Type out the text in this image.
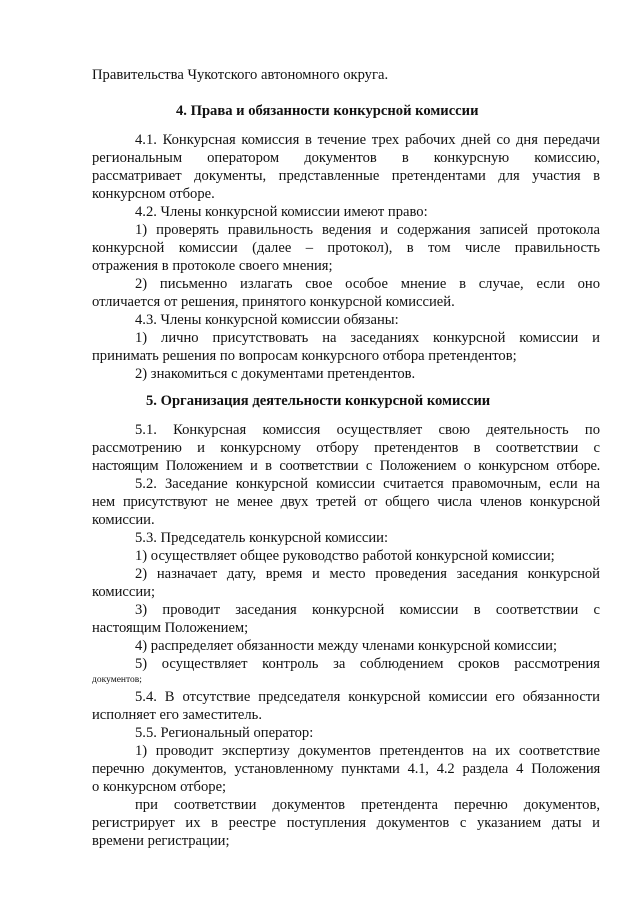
Правительства Чукотского автономного округа.
4. Права и обязанности конкурсной комиссии
4.1. Конкурсная комиссия в течение трех рабочих дней со дня передачи
региональным оператором документов в конкурсную комиссию,
рассматривает документы, представленные претендентами для участия в
конкурсном отборе.
4.2. Члены конкурсной комиссии имеют право:
1) проверять правильность ведения и содержания записей протокола
конкурсной комиссии (далее – протокол), в том числе правильность
отражения в протоколе своего мнения;
2) письменно излагать свое особое мнение в случае, если оно
отличается от решения, принятого конкурсной комиссией.
4.3. Члены конкурсной комиссии обязаны:
1) лично присутствовать на заседаниях конкурсной комиссии и
принимать решения по вопросам конкурсного отбора претендентов;
2) знакомиться с документами претендентов.
5. Организация деятельности конкурсной комиссии
5.1. Конкурсная комиссия осуществляет свою деятельность по
рассмотрению и конкурсному отбору претендентов в соответствии с
настоящим Положением и в соответствии с Положением о конкурсном отборе.
5.2. Заседание конкурсной комиссии считается правомочным, если на
нем присутствуют не менее двух третей от общего числа членов конкурсной
комиссии.
5.3. Председатель конкурсной комиссии:
1) осуществляет общее руководство работой конкурсной комиссии;
2) назначает дату, время и место проведения заседания конкурсной
комиссии;
3) проводит заседания конкурсной комиссии в соответствии с
настоящим Положением;
4) распределяет обязанности между членами конкурсной комиссии;
5) осуществляет контроль за соблюдением сроков рассмотрения
документов;
5.4. В отсутствие председателя конкурсной комиссии его обязанности
исполняет его заместитель.
5.5. Региональный оператор:
1) проводит экспертизу документов претендентов на их соответствие
перечню документов, установленному пунктами 4.1, 4.2 раздела 4 Положения
о конкурсном отборе;
при соответствии документов претендента перечню документов,
регистрирует их в реестре поступления документов с указанием даты и
времени регистрации;
